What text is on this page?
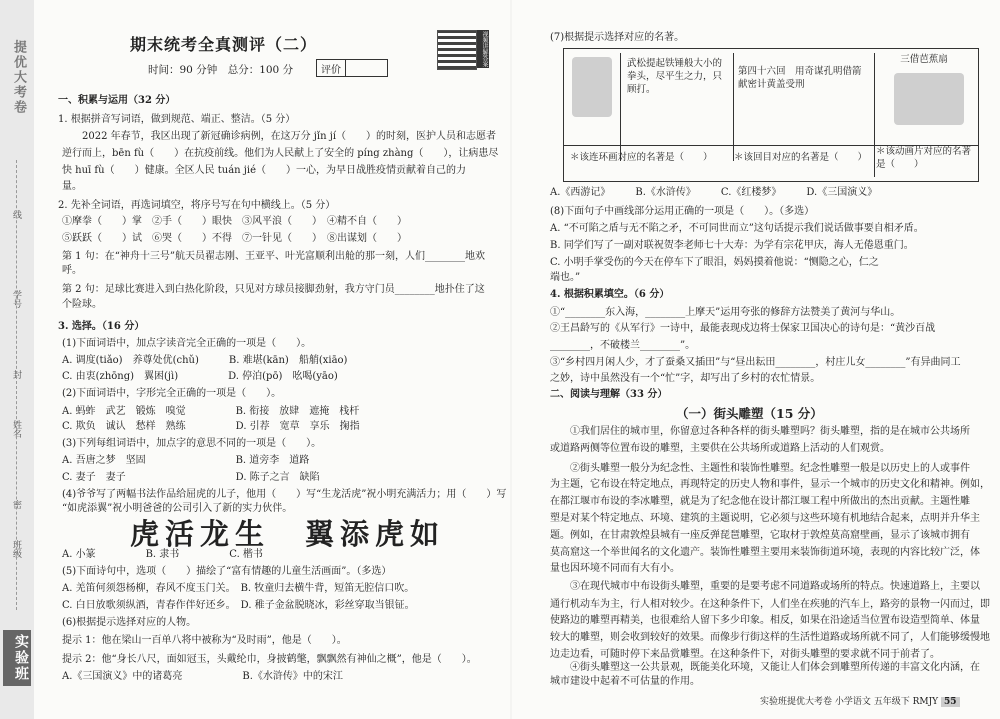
提优大考卷
线
学号
封
姓名
密
班级
实验班
期末统考全真测评（二）	视频讲解答案
时间：90 分钟　总分：100 分	评价
一、积累与运用（32 分）
1. 根据拼音写词语，做到规范、端正、整洁。（5 分）
　　2022 年春节，我区出现了新冠确诊病例，在这万分 jǐn jí（　　）的时刻，医护人员和志愿者
逆行而上，bēn fù（　　）在抗疫前线。他们为人民献上了安全的 píng zhàng（　　），让病患尽
快 huī fù（　　）健康。全区人民 tuán jié（　　）一心，为早日战胜疫情贡献着自己的力
量。
2. 先补全词语，再选词填空，将序号写在句中横线上。（5 分）
①摩拳（　　）掌　②手（　　）眼快　③风平浪（　　）　④精不自（　　）
⑤跃跃（　　）试　⑥哭（　　）不得　⑦一针见（　　）　⑧出谋划（　　）
第 1 句：在“神舟十三号”航天员翟志刚、王亚平、叶光富顺利出舱的那一刻，人们________地欢
呼。
第 2 句：足球比赛进入到白热化阶段，只见对方球员接脚劲射，我方守门员________地扑住了这
个险球。
3. 选择。（16 分）
(1)下面词语中，加点字读音完全正确的一项是（　　）。
A. 调度(tiǎo)　养尊处优(chǔ)　　　B. 难堪(kān)　船艄(xiāo)
C. 由衷(zhōng)　翼困(jì)　　　　　D. 停泊(pō)　吆喝(yāo)
(2)下面词语中，字形完全正确的一项是（　　）。
A. 蚂蚱　武艺　锻炼　嗅觉　　　　　B. 衔接　放肆　遮掩　栈杆
C. 欺负　诚认　愁样　熟练　　　　　D. 引荐　宽草　享乐　掬指
(3)下列每组词语中，加点字的意思不同的一项是（　　）。
A. 吾唐之梦　坚固　　　　　　　　　B. 道旁李　道路
C. 妻子　妻子　　　　　　　　　　　D. 陈子之言　缺陷
(4)爷爷写了两幅书法作品给屈虎的儿子，他用（　　）写“生龙活虎”祝小明充满活力；用（　　）写
“如虎添翼”祝小明爸爸的公司引入了新的实力伙伴。
A. 小篆　　　　　B. 隶书　　　　　C. 楷书
(5)下面诗句中，选项（　　）描绘了“富有情趣的儿童生活画面”。（多选）
A. 羌笛何须怨杨柳，春风不度玉门关。　B. 牧童归去横牛背，短笛无腔信口吹。
C. 白日放歌须纵酒，青春作伴好还乡。　D. 稚子金盆脱晓冰，彩丝穿取当银钲。
(6)根据提示选择对应的人物。
提示 1：他在梁山一百单八将中被称为“及时雨”，他是（　　）。
提示 2：他“身长八尺，面如冠玉，头戴纶巾，身披鹤氅，飘飘然有神仙之概”，他是（　　）。
A.《三国演义》中的诸葛亮　　　　　　B.《水浒传》中的宋江
虎活龙生　翼添虎如
(7)根据提示选择对应的名著。
武松提起铁锤般大小的拳头，尽平生之力，只顾打。
第四十六回　用奇谋孔明借箭　献密计黄盖受刑
三借芭蕉扇
＊该连环画对应的名著是（　　）	＊该回目对应的名著是（　　）
＊该动画片对应的名著是（　　）
A.《西游记》　　　B.《水浒传》　　　C.《红楼梦》　　　D.《三国演义》
(8)下面句子中画线部分运用正确的一项是（　　）。（多选）
A. “不可陷之盾与无不陷之矛，不可同世而立”这句话提示我们说话做事要自相矛盾。
B. 同学们写了一副对联祝贺李老师七十大寿：为学有宗花甲庆，海人无倦恩重门。
C. 小明手掌受伤的今天在停车下了眼泪，妈妈摸着他说：“恻隐之心，仁之
端也。”
4. 根据积累填空。（6 分）
①“________东入海，________上摩天”运用夸张的修辞方法赞美了黄河与华山。
②王昌龄写的《从军行》一诗中，最能表现戍边将士保家卫国决心的诗句是：“黄沙百战
________，不破楼兰________”。
③“乡村四月闲人少，才了蚕桑又插田”与“昼出耘田________，村庄儿女________”有异曲同工
之妙，诗中虽然没有一个“忙”字，却写出了乡村的农忙情景。
二、阅读与理解（33 分）
　　①我们居住的城市里，你留意过各种各样的街头雕塑吗？街头雕塑，指的是在城市公共场所
或道路两侧等位置布设的雕塑，主要供在公共场所或道路上活动的人们观赏。
　　②街头雕塑一般分为纪念性、主题性和装饰性雕塑。纪念性雕塑一般是以历史上的人或事件
为主题，它布设在特定地点，再现特定的历史人物和事件，显示一个城市的历史文化和精神。例如，
在都江堰市布设的李冰雕塑，就是为了纪念他在设计都江堰工程中所做出的杰出贡献。主题性雕
塑是对某个特定地点、环境、建筑的主题说明，它必须与这些环境有机地结合起来，点明并升华主
题。例如，在甘肃敦煌县城有一座反弹琵琶雕塑，它取材于敦煌莫高窟壁画，显示了该城市拥有
莫高窟这一个举世闻名的文化遗产。装饰性雕塑主要用来装饰街道环境，表现的内容比较广泛，体
量也因环境不同而有大有小。
　　③在现代城市中布设街头雕塑，重要的是要考虑不同道路或场所的特点。快速道路上，主要以
通行机动车为主，行人相对较少。在这种条件下，人们坐在疾驰的汽车上，路旁的景物一闪而过，即
使路边的雕塑再精美，也很难给人留下多少印象。相反，如果在沿途适当位置布设造型简单、体量
较大的雕塑，则会收到较好的效果。而像步行街这样的生活性道路或场所就不同了，人们能够缓慢地
边走边看，可随时停下来品赏雕塑。在这种条件下，对街头雕塑的要求就不同于前者了。
　　④街头雕塑这一公共景观，既能美化环境，又能让人们体会到雕塑所传递的丰富文化内涵，在
城市建设中起着不可估量的作用。
（一）街头雕塑（15 分）
实验班提优大考卷 小学语文 五年级下 RMJY 55
